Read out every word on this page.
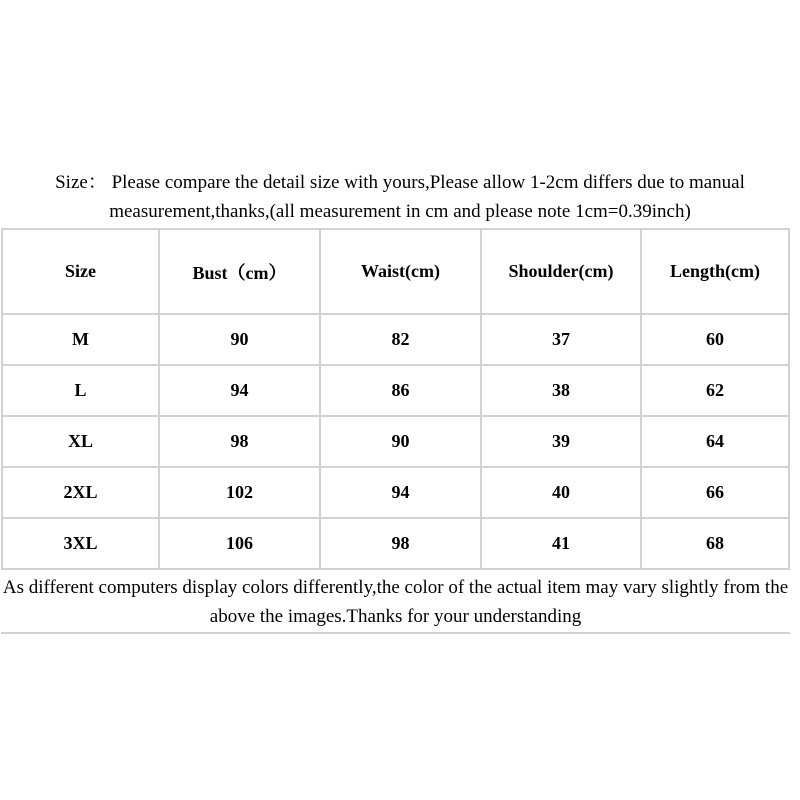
Size： Please compare the detail size with yours,Please allow 1-2cm differs due to manual
measurement,thanks,(all measurement in cm and please note 1cm=0.39inch)

Size	Bust（cm）	Waist(cm)	Shoulder(cm)	Length(cm)
M	90	82	37	60
L	94	86	38	62
XL	98	90	39	64
2XL	102	94	40	66
3XL	106	98	41	68
As different computers display colors differently,the color of the actual item may vary slightly from the
above the images.Thanks for your understanding
